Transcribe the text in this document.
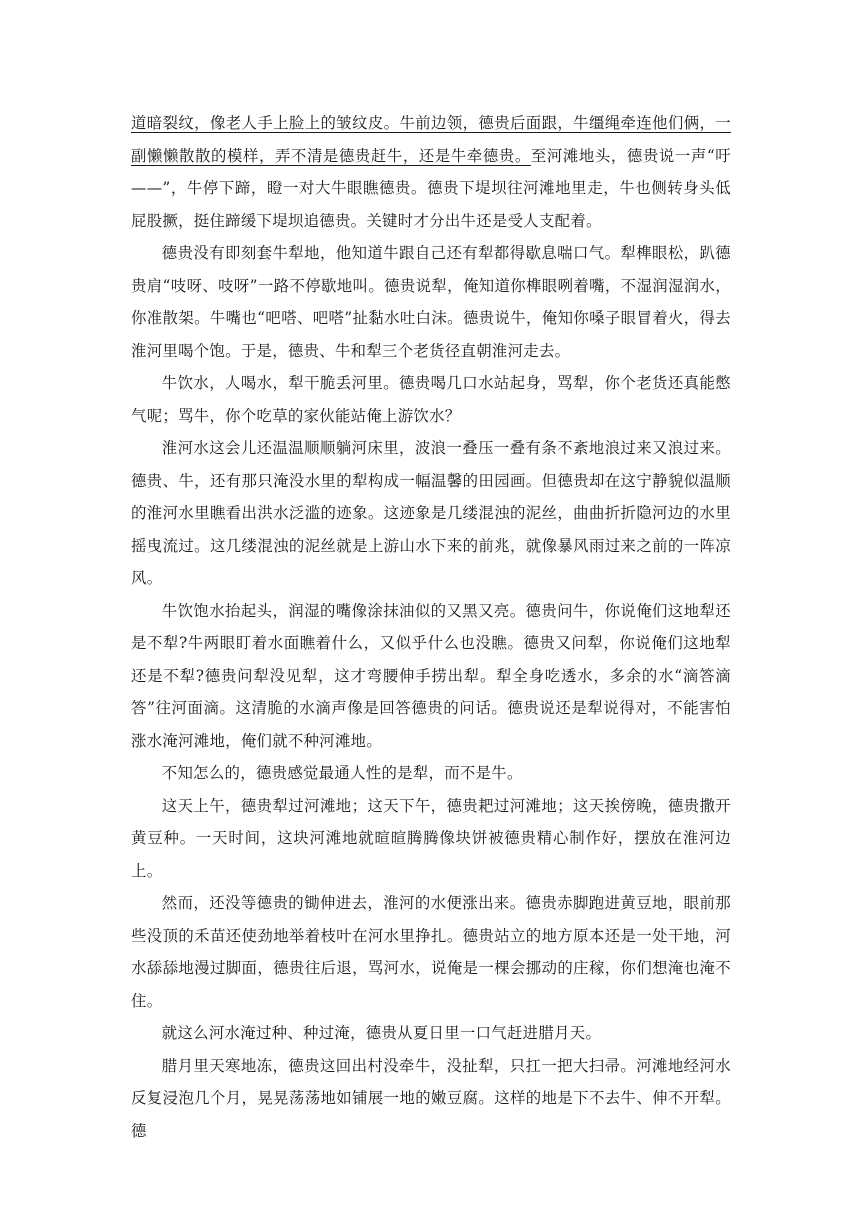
道暗裂纹，像老人手上脸上的皱纹皮。牛前边领，德贵后面跟，牛缰绳牵连他们俩，一副懒懒散散的模样，弄不清是德贵赶牛，还是牛牵德贵。至河滩地头，德贵说一声“吁——”，牛停下蹄，瞪一对大牛眼瞧德贵。德贵下堤坝往河滩地里走，牛也侧转身头低屁股撅，挺住蹄缓下堤坝追德贵。关键时才分出牛还是受人支配着。

德贵没有即刻套牛犁地，他知道牛跟自己还有犁都得歇息喘口气。犁榫眼松，趴德贵肩“吱呀、吱呀”一路不停歇地叫。德贵说犁，俺知道你榫眼咧着嘴，不湿润湿润水，你准散架。牛嘴也“吧嗒、吧嗒”扯黏水吐白沫。德贵说牛，俺知你嗓子眼冒着火，得去淮河里喝个饱。于是，德贵、牛和犁三个老货径直朝淮河走去。

牛饮水，人喝水，犁干脆丢河里。德贵喝几口水站起身，骂犁，你个老货还真能憋气呢；骂牛，你个吃草的家伙能站俺上游饮水？

淮河水这会儿还温温顺顺躺河床里，波浪一叠压一叠有条不紊地浪过来又浪过来。德贵、牛，还有那只淹没水里的犁构成一幅温馨的田园画。但德贵却在这宁静貌似温顺的淮河水里瞧看出洪水泛滥的迹象。这迹象是几缕混浊的泥丝，曲曲折折隐河边的水里摇曳流过。这几缕混浊的泥丝就是上游山水下来的前兆，就像暴风雨过来之前的一阵凉风。

牛饮饱水抬起头，润湿的嘴像涂抹油似的又黑又亮。德贵问牛，你说俺们这地犁还是不犁?牛两眼盯着水面瞧着什么，又似乎什么也没瞧。德贵又问犁，你说俺们这地犁还是不犁?德贵问犁没见犁，这才弯腰伸手捞出犁。犁全身吃透水，多余的水“滴答滴答”往河面滴。这清脆的水滴声像是回答德贵的问话。德贵说还是犁说得对，不能害怕涨水淹河滩地，俺们就不种河滩地。

不知怎么的，德贵感觉最通人性的是犁，而不是牛。

这天上午，德贵犁过河滩地；这天下午，德贵耙过河滩地；这天挨傍晚，德贵撒开黄豆种。一天时间，这块河滩地就暄暄腾腾像块饼被德贵精心制作好，摆放在淮河边上。

然而，还没等德贵的锄伸进去，淮河的水便涨出来。德贵赤脚跑进黄豆地，眼前那些没顶的禾苗还使劲地举着枝叶在河水里挣扎。德贵站立的地方原本还是一处干地，河水舔舔地漫过脚面，德贵往后退，骂河水，说俺是一棵会挪动的庄稼，你们想淹也淹不住。

就这么河水淹过种、种过淹，德贵从夏日里一口气赶进腊月天。

腊月里天寒地冻，德贵这回出村没牵牛，没扯犁，只扛一把大扫帚。河滩地经河水反复浸泡几个月，晃晃荡荡地如铺展一地的嫩豆腐。这样的地是下不去牛、伸不开犁。德
